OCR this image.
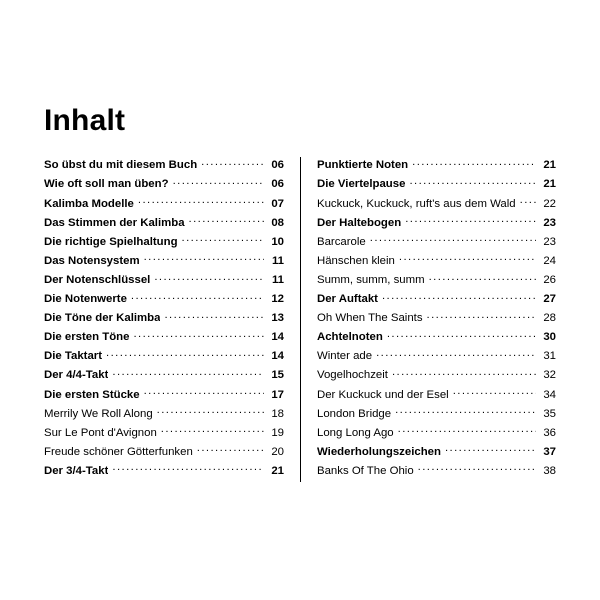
Inhalt
So übst du mit diesem Buch .....	06
Wie oft soll man üben? .....	06
Kalimba Modelle .....	07
Das Stimmen der Kalimba .....	08
Die richtige Spielhaltung .....	10
Das Notensystem .....	11
Der Notenschlüssel .....	11
Die Notenwerte .....	12
Die Töne der Kalimba .....	13
Die ersten Töne .....	14
Die Taktart .....	14
Der 4/4-Takt .....	15
Die ersten Stücke .....	17
Merrily We Roll Along .....	18
Sur Le Pont d'Avignon .....	19
Freude schöner Götterfunken .....	20
Der 3/4-Takt .....	21
Punktierte Noten .....	21
Die Viertelpause .....	21
Kuckuck, Kuckuck, ruft's aus dem Wald ..... 22
Der Haltebogen .....	23
Barcarole .....	23
Hänschen klein .....	24
Summ, summ, summ .....	26
Der Auftakt .....	27
Oh When The Saints .....	28
Achtelnoten .....	30
Winter ade .....	31
Vogelhochzeit .....	32
Der Kuckuck und der Esel .....	34
London Bridge .....	35
Long Long Ago .....	36
Wiederholungszeichen .....	37
Banks Of The Ohio .....	38
